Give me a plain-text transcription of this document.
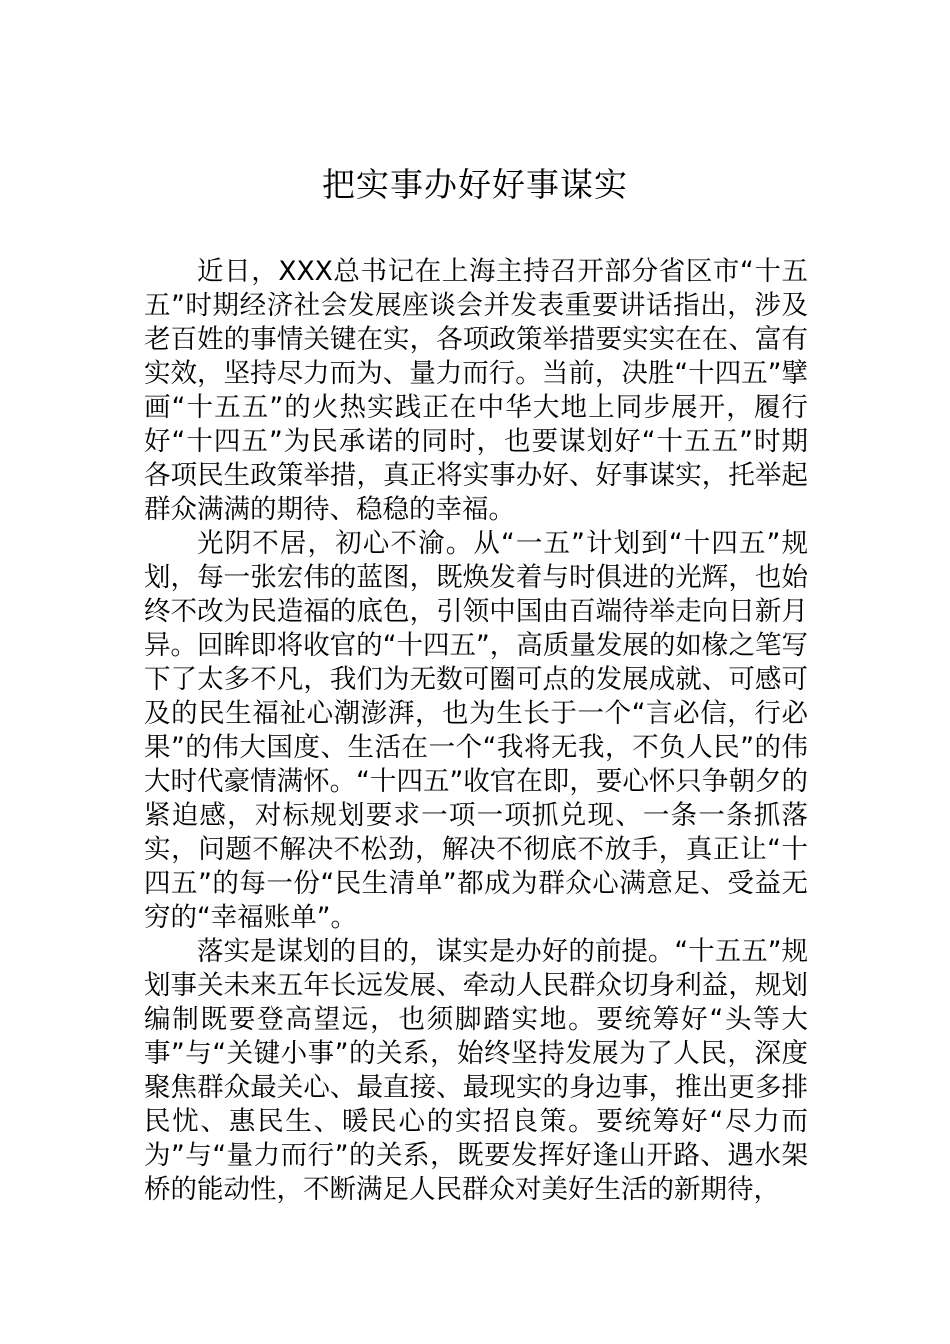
把实事办好好事谋实

近日，XXX总书记在上海主持召开部分省区市“十五五”时期经济社会发展座谈会并发表重要讲话指出，涉及老百姓的事情关键在实，各项政策举措要实实在在、富有实效，坚持尽力而为、量力而行。当前，决胜“十四五”擘画“十五五”的火热实践正在中华大地上同步展开，履行好“十四五”为民承诺的同时，也要谋划好“十五五”时期各项民生政策举措，真正将实事办好、好事谋实，托举起群众满满的期待、稳稳的幸福。

光阴不居，初心不渝。从“一五”计划到“十四五”规划，每一张宏伟的蓝图，既焕发着与时俱进的光辉，也始终不改为民造福的底色，引领中国由百端待举走向日新月异。回眸即将收官的“十四五”，高质量发展的如椽之笔写下了太多不凡，我们为无数可圈可点的发展成就、可感可及的民生福祉心潮澎湃，也为生长于一个“言必信，行必果”的伟大国度、生活在一个“我将无我，不负人民”的伟大时代豪情满怀。“十四五”收官在即，要心怀只争朝夕的紧迫感，对标规划要求一项一项抓兑现、一条一条抓落实，问题不解决不松劲，解决不彻底不放手，真正让“十四五”的每一份“民生清单”都成为群众心满意足、受益无穷的“幸福账单”。

落实是谋划的目的，谋实是办好的前提。“十五五”规划事关未来五年长远发展、牵动人民群众切身利益，规划编制既要登高望远，也须脚踏实地。要统筹好“头等大事”与“关键小事”的关系，始终坚持发展为了人民，深度聚焦群众最关心、最直接、最现实的身边事，推出更多排民忧、惠民生、暖民心的实招良策。要统筹好“尽力而为”与“量力而行”的关系，既要发挥好逢山开路、遇水架桥的能动性，不断满足人民群众对美好生活的新期待，
